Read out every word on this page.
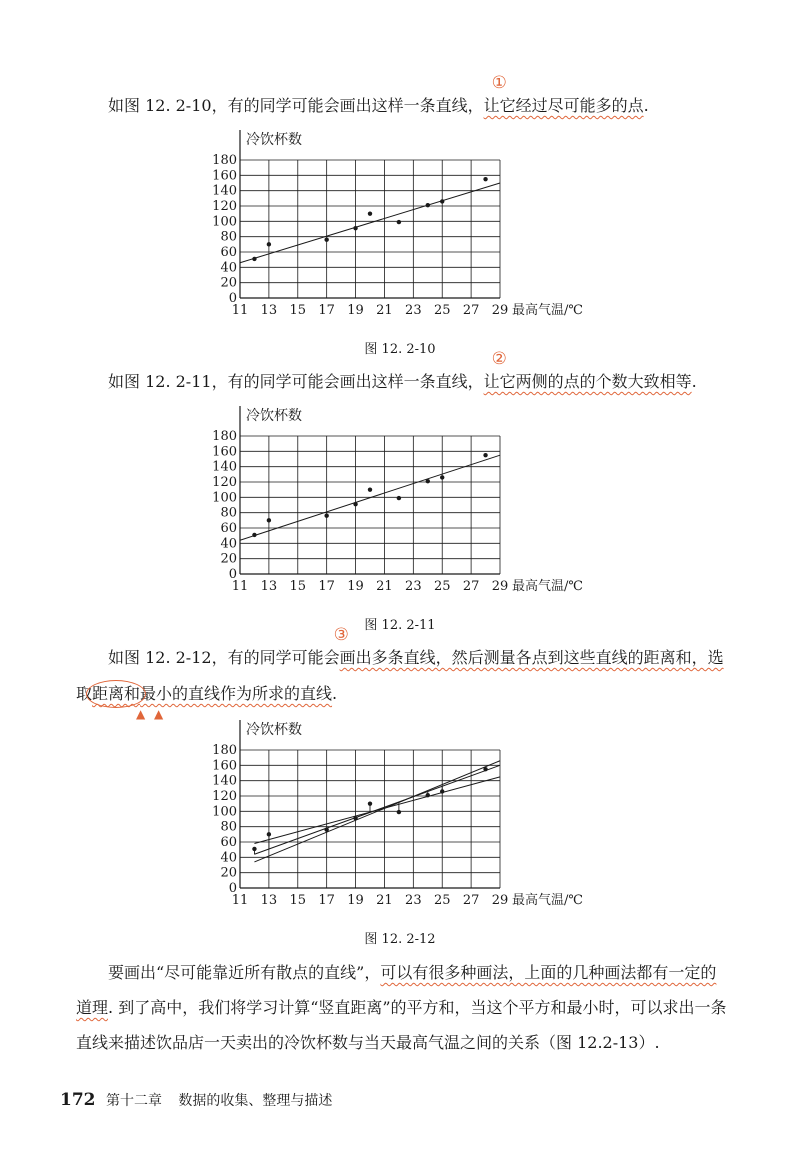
如图 12. 2-10，有的同学可能会画出这样一条直线，让它经过尽可能多的点
①
.
0
20
40
60
80
100
120
140
160
180
11 13 15 17 19 21 23 25 27 29
冷饮杯数
最高气温/℃
图 12. 2-10
如图 12. 2-11，有的同学可能会画出这样一条直线，让它两侧的点的个数大致相等
②
.
0
20
40
60
80
100
120
140
160
180
11 13 15 17 19 21 23 25 27 29
冷饮杯数
最高气温/℃
图 12. 2-11
如图 12. 2-12，有的同学可能会画出多条直线，然后测量各点到这些直线的距离和，选
③
取距离和
▲ ▲
最小的直线作为所求的直线.
0
20
40
60
80
100
120
140
160
180
11 13 15 17 19 21 23 25 27 29
冷饮杯数
最高气温/℃
图 12. 2-12
要画出“尽可能靠近所有散点的直线”，可以有很多种画法，上面的几种画法都有一定的
道理. 到了高中，我们将学习计算“竖直距离”的平方和，当这个平方和最小时，可以求出一条
直线来描述饮品店一天卖出的冷饮杯数与当天最高气温之间的关系（图 12.2-13）.
172 第十二章 数据的收集、整理与描述
